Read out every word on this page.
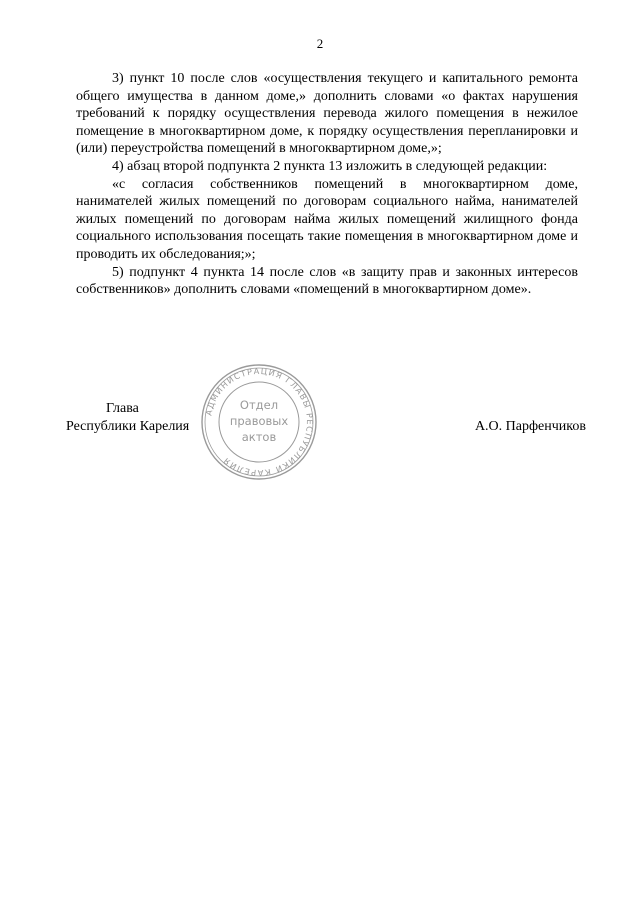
2

3) пункт 10 после слов «осуществления текущего и капитального ремонта общего имущества в данном доме,» дополнить словами «о фактах нарушения требований к порядку осуществления перевода жилого помещения в нежилое помещение в многоквартирном доме, к порядку осуществления перепланировки и (или) переустройства помещений в многоквартирном доме,»;

4) абзац второй подпункта 2 пункта 13 изложить в следующей редакции:

«с согласия собственников помещений в многоквартирном доме, нанимателей жилых помещений по договорам социального найма, нанимателей жилых помещений по договорам найма жилых помещений жилищного фонда социального использования посещать такие помещения в многоквартирном доме и проводить их обследования;»;

5) подпункт 4 пункта 14 после слов «в защиту прав и законных интересов собственников» дополнить словами «помещений в многоквартирном доме».

Глава
Республики Карелия	А.О. Парфенчиков
АДМИНИСТРАЦИЯ ГЛАВЫ РЕСПУБЛИКИ КАРЕЛИЯ
Отдел
правовых
актов
